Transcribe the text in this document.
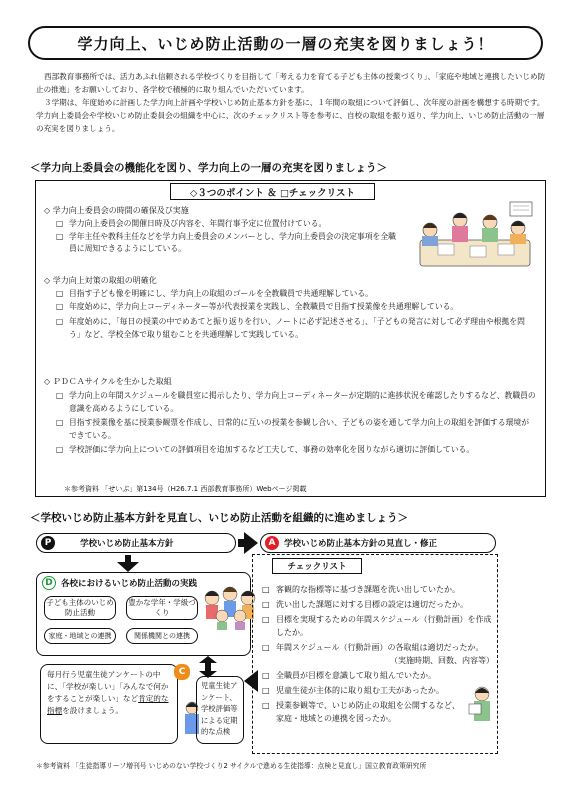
学力向上、いじめ防止活動の一層の充実を図りましょう！

西部教育事務所では、活力あふれ信頼される学校づくりを目指して「考える力を育てる子ども主体の授業づくり」、「家庭や地域と連携したいじめ防止の推進」をお願いしており、各学校で積極的に取り組んでいただいています。

３学期は、年度始めに計画した学力向上計画や学校いじめ防止基本方針を基に、１年間の取組について評価し、次年度の計画を構想する時期です。学力向上委員会や学校いじめ防止委員会の組織を中心に、次のチェックリスト等を参考に、自校の取組を振り返り、学力向上、いじめ防止活動の一層の充実を図りましょう。

＜学力向上委員会の機能化を図り、学力向上の一層の充実を図りましょう＞
◇３つのポイント ＆ □チェックリスト
◇ 学力向上委員会の時間の確保及び実施
□ 学力向上委員会の開催日時及び内容を、年間行事予定に位置付けている。
□ 学年主任や教科主任などを学力向上委員会のメンバーとし、学力向上委員会の決定事項を全職員に周知できるようにしている。
◇ 学力向上対策の取組の明確化
□ 目指す子ども像を明確にし、学力向上の取組のゴールを全教職員で共通理解している。
□ 年度始めに、学力向上コーディネーター等が代表授業を実践し、全教職員で目指す授業像を共通理解している。
□ 年度始めに、「毎日の授業の中でめあてと振り返りを行い、ノートに必ず記述させる」、「子どもの発言に対して必ず理由や根拠を問う」など、学校全体で取り組むことを共通理解して実践している。
◇ ＰＤＣＡサイクルを生かした取組
□ 学力向上の年間スケジュールを職員室に掲示したり、学力向上コーディネーターが定期的に進捗状況を確認したりするなど、教職員の意識を高めるようにしている。
□ 目指す授業像を基に授業参観票を作成し、日常的に互いの授業を参観し合い、子どもの姿を通して学力向上の取組を評価する環境ができている。
□ 学校評価に学力向上についての評価項目を追加するなど工夫して、事務の効率化を図りながら適切に評価している。
＊参考資料 「せいぶ」第134号（H26.7.1 西部教育事務所）Webページ掲載
＜学校いじめ防止基本方針を見直し、いじめ防止活動を組織的に進めましょう＞
P	学校いじめ防止基本方針	A	学校いじめ防止基本方針の見直し・修正
D 各校におけるいじめ防止活動の実践
子ども主体のいじめ防止活動
豊かな学年・学級づくり
家庭・地域との連携	関係機関との連携
毎月行う児童生徒アンケートの中に、「学校が楽しい」「みんなで何かをすることが楽しい」など肯定的な指標を設けましょう。
C
児童生徒アンケート、学校評価等による定期的な点検
チェックリスト
□ 客観的な指標等に基づき課題を洗い出していたか。
□ 洗い出した課題に対する目標の設定は適切だったか。
□ 目標を実現するための年間スケジュール（行動計画）を作成したか。
□ 年間スケジュール（行動計画）の各取組は適切だったか。
（実施時期、回数、内容等）
□ 全職員が目標を意識して取り組んでいたか。
□ 児童生徒が主体的に取り組む工夫があったか。
□ 授業参観等で、いじめ防止の取組を公開するなど、家庭・地域との連携を図ったか。
＊参考資料 「生徒指導リーフ増刊号 いじめのない学校づくり2 サイクルで進める生徒指導：点検と見直し」国立教育政策研究所
